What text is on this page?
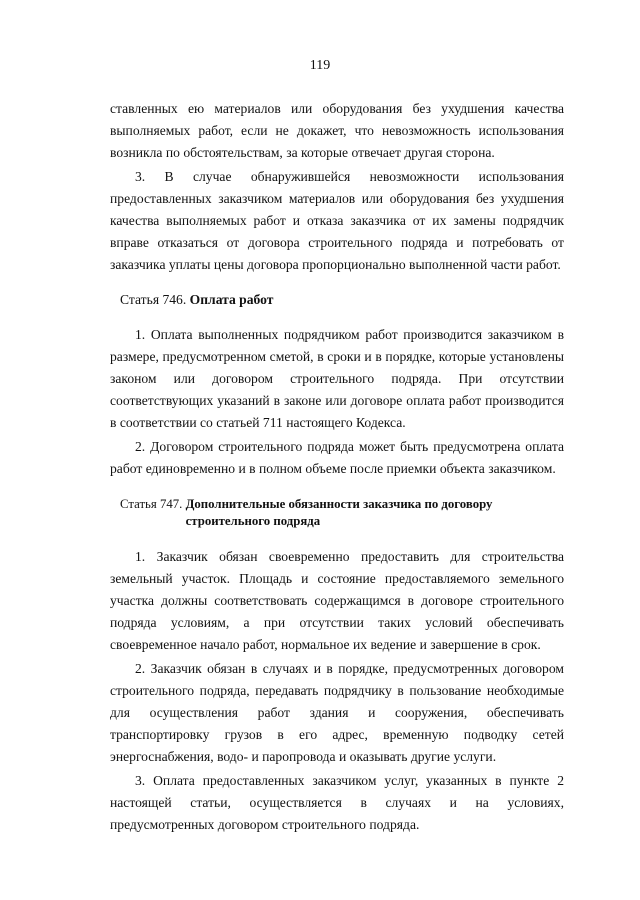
119

ставленных ею материалов или оборудования без ухудшения качества выполняемых работ, если не докажет, что невозможность использования возникла по обстоятельствам, за которые отвечает другая сторона.

3. В случае обнаружившейся невозможности использования предоставленных заказчиком материалов или оборудования без ухудшения качества выполняемых работ и отказа заказчика от их замены подрядчик вправе отказаться от договора строительного подряда и потребовать от заказчика уплаты цены договора пропорционально выполненной части работ.

Статья 746. Оплата работ

1. Оплата выполненных подрядчиком работ производится заказчиком в размере, предусмотренном сметой, в сроки и в порядке, которые установлены законом или договором строительного подряда. При отсутствии соответствующих указаний в законе или договоре оплата работ производится в соответствии со статьей 711 настоящего Кодекса.

2. Договором строительного подряда может быть предусмотрена оплата работ единовременно и в полном объеме после приемки объекта заказчиком.

Статья 747. Дополнительные обязанности заказчика по договору строительного подряда

1. Заказчик обязан своевременно предоставить для строительства земельный участок. Площадь и состояние предоставляемого земельного участка должны соответствовать содержащимся в договоре строительного подряда условиям, а при отсутствии таких условий обеспечивать своевременное начало работ, нормальное их ведение и завершение в срок.

2. Заказчик обязан в случаях и в порядке, предусмотренных договором строительного подряда, передавать подрядчику в пользование необходимые для осуществления работ здания и сооружения, обеспечивать транспортировку грузов в его адрес, временную подводку сетей энергоснабжения, водо- и паропровода и оказывать другие услуги.

3. Оплата предоставленных заказчиком услуг, указанных в пункте 2 настоящей статьи, осуществляется в случаях и на условиях, предусмотренных договором строительного подряда.
